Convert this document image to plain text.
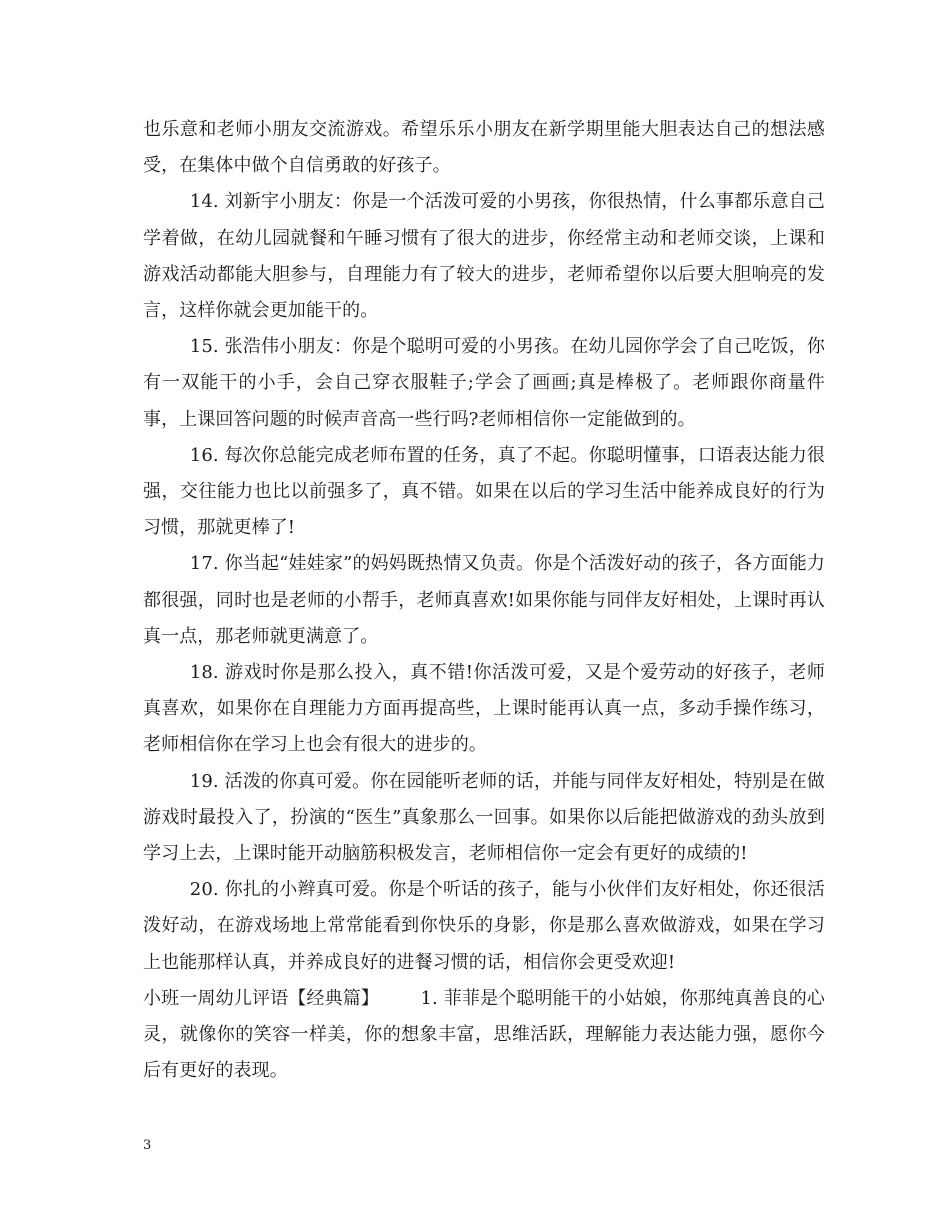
也乐意和老师小朋友交流游戏。希望乐乐小朋友在新学期里能大胆表达自己的想法感受，在集体中做个自信勇敢的好孩子。

14. 刘新宇小朋友：你是一个活泼可爱的小男孩，你很热情，什么事都乐意自己学着做，在幼儿园就餐和午睡习惯有了很大的进步，你经常主动和老师交谈，上课和游戏活动都能大胆参与，自理能力有了较大的进步，老师希望你以后要大胆响亮的发言，这样你就会更加能干的。

15. 张浩伟小朋友：你是个聪明可爱的小男孩。在幼儿园你学会了自己吃饭，你有一双能干的小手，会自己穿衣服鞋子;学会了画画;真是棒极了。老师跟你商量件事，上课回答问题的时候声音高一些行吗?老师相信你一定能做到的。

16. 每次你总能完成老师布置的任务，真了不起。你聪明懂事，口语表达能力很强，交往能力也比以前强多了，真不错。如果在以后的学习生活中能养成良好的行为习惯，那就更棒了!

17. 你当起“娃娃家”的妈妈既热情又负责。你是个活泼好动的孩子，各方面能力都很强，同时也是老师的小帮手，老师真喜欢!如果你能与同伴友好相处，上课时再认真一点，那老师就更满意了。

18. 游戏时你是那么投入，真不错!你活泼可爱，又是个爱劳动的好孩子，老师真喜欢，如果你在自理能力方面再提高些，上课时能再认真一点，多动手操作练习，老师相信你在学习上也会有很大的进步的。

19. 活泼的你真可爱。你在园能听老师的话，并能与同伴友好相处，特别是在做游戏时最投入了，扮演的“医生”真象那么一回事。如果你以后能把做游戏的劲头放到学习上去，上课时能开动脑筋积极发言，老师相信你一定会有更好的成绩的!

20. 你扎的小辫真可爱。你是个听话的孩子，能与小伙伴们友好相处，你还很活泼好动，在游戏场地上常常能看到你快乐的身影，你是那么喜欢做游戏，如果在学习上也能那样认真，并养成良好的进餐习惯的话，相信你会更受欢迎!

小班一周幼儿评语【经典篇】 1. 菲菲是个聪明能干的小姑娘，你那纯真善良的心灵，就像你的笑容一样美，你的想象丰富，思维活跃，理解能力表达能力强，愿你今后有更好的表现。

3
